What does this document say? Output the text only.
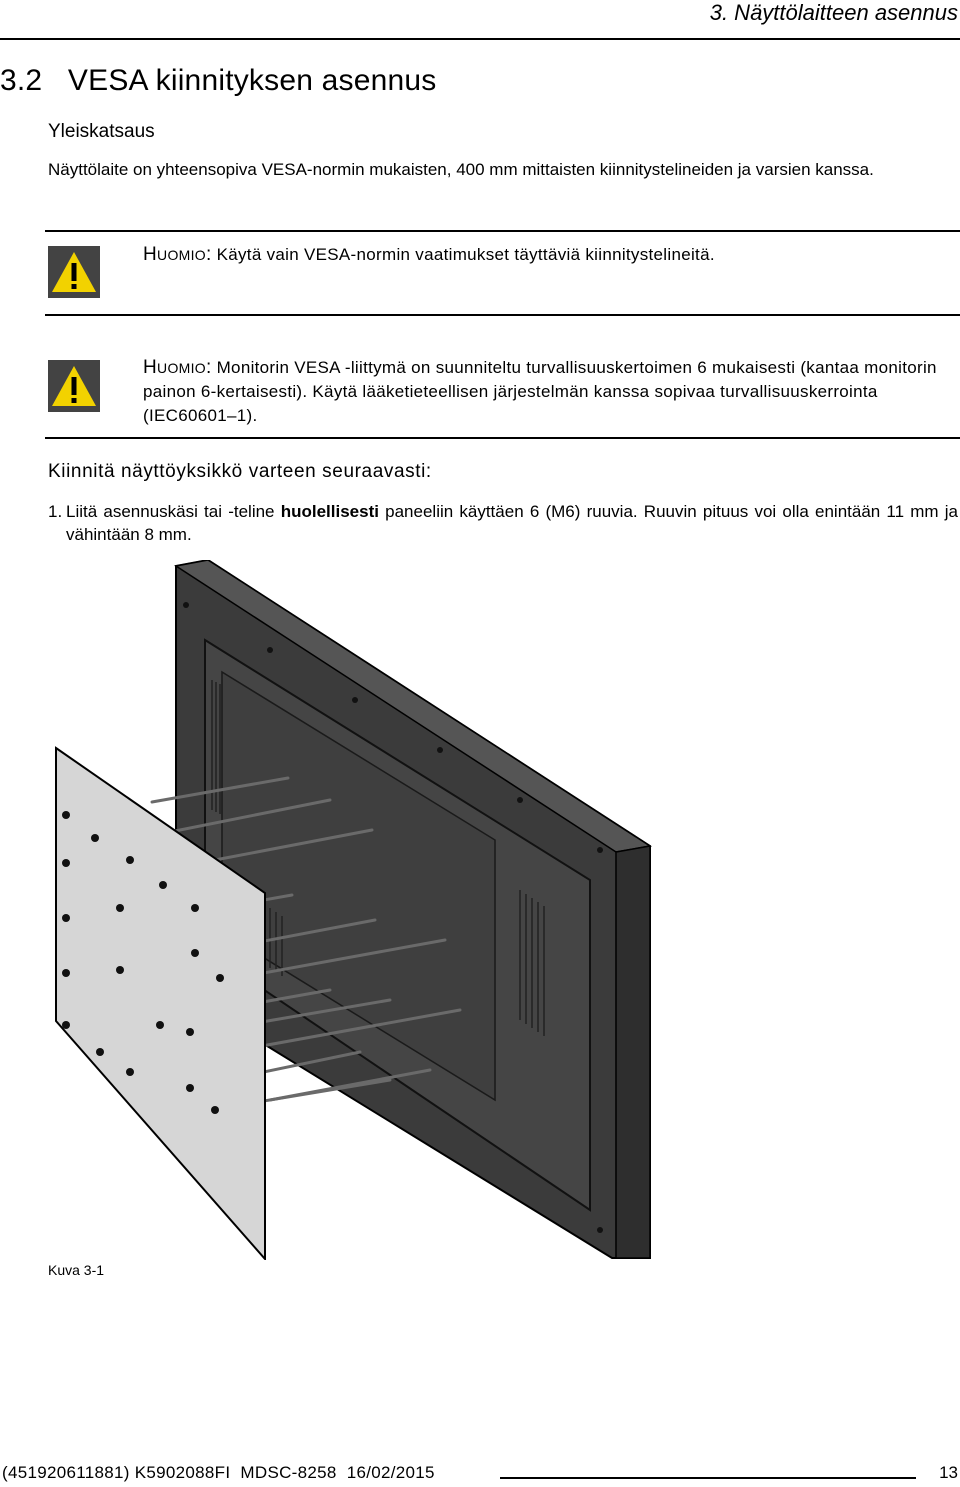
3. Näyttölaitteen asennus
3.2   VESA kiinnityksen asennus
Yleiskatsaus
Näyttölaite on yhteensopiva VESA-normin mukaisten, 400 mm mittaisten kiinnitystelineiden ja varsien kanssa.
HUOMIO: Käytä vain VESA-normin vaatimukset täyttäviä kiinnitystelineitä.
HUOMIO: Monitorin VESA -liittymä on suunniteltu turvallisuuskertoimen 6 mukaisesti (kantaa monitorin painon 6-kertaisesti). Käytä lääketieteellisen järjestelmän kanssa sopivaa turvallisuuskerrointa (IEC60601–1).
Kiinnitä näyttöyksikkö varteen seuraavasti:
1. Liitä asennuskäsi tai -teline huolellisesti paneeliin käyttäen 6 (M6) ruuvia. Ruuvin pituus voi olla enintään 11 mm ja vähintään 8 mm.
Kuva 3-1
(451920611881) K5902088FI  MDSC-8258  16/02/2015	13
